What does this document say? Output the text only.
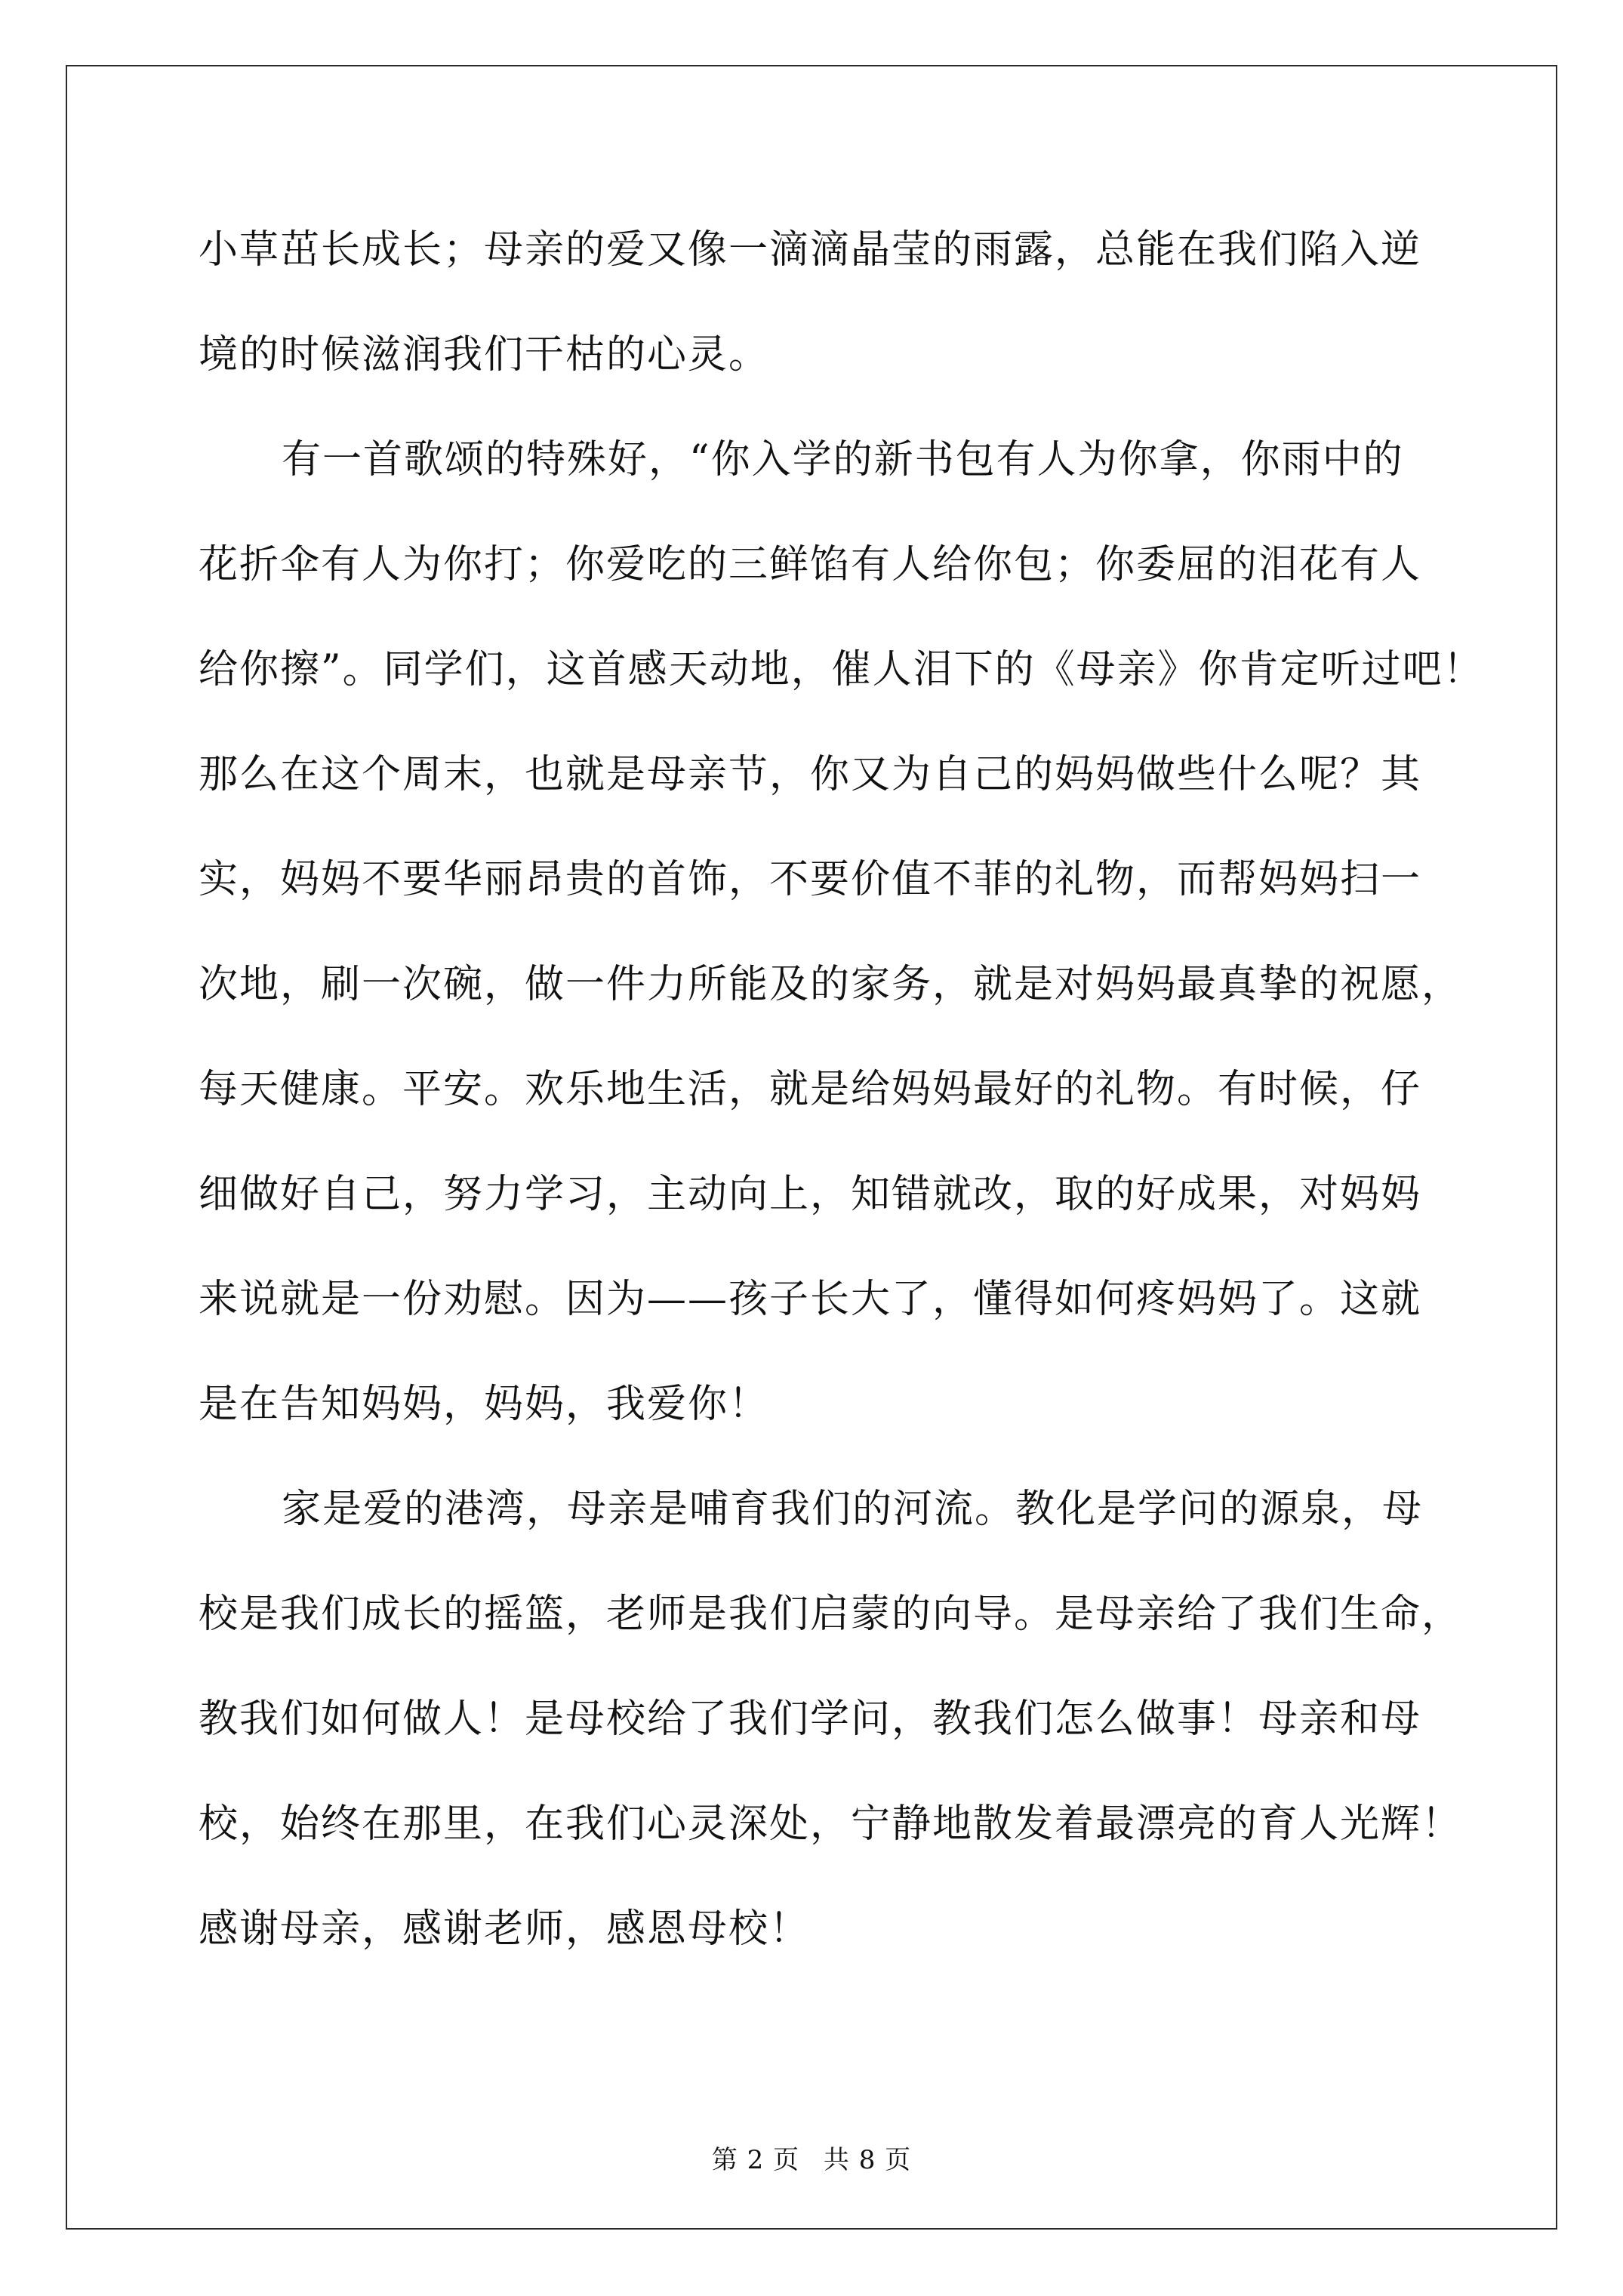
小草茁长成长；母亲的爱又像一滴滴晶莹的雨露，总能在我们陷入逆
境的时候滋润我们干枯的心灵。
有一首歌颂的特殊好，“你入学的新书包有人为你拿，你雨中的
花折伞有人为你打；你爱吃的三鲜馅有人给你包；你委屈的泪花有人
给你擦”。同学们，这首感天动地，催人泪下的《母亲》你肯定听过吧！
那么在这个周末，也就是母亲节，你又为自己的妈妈做些什么呢？其
实，妈妈不要华丽昂贵的首饰，不要价值不菲的礼物，而帮妈妈扫一
次地，刷一次碗，做一件力所能及的家务，就是对妈妈最真挚的祝愿，
每天健康。平安。欢乐地生活，就是给妈妈最好的礼物。有时候，仔
细做好自己，努力学习，主动向上，知错就改，取的好成果，对妈妈
来说就是一份劝慰。因为——孩子长大了，懂得如何疼妈妈了。这就
是在告知妈妈，妈妈，我爱你！
家是爱的港湾，母亲是哺育我们的河流。教化是学问的源泉，母
校是我们成长的摇篮，老师是我们启蒙的向导。是母亲给了我们生命，
教我们如何做人！是母校给了我们学问，教我们怎么做事！母亲和母
校，始终在那里，在我们心灵深处，宁静地散发着最漂亮的育人光辉！
感谢母亲，感谢老师，感恩母校！
第 2 页 共 8 页
